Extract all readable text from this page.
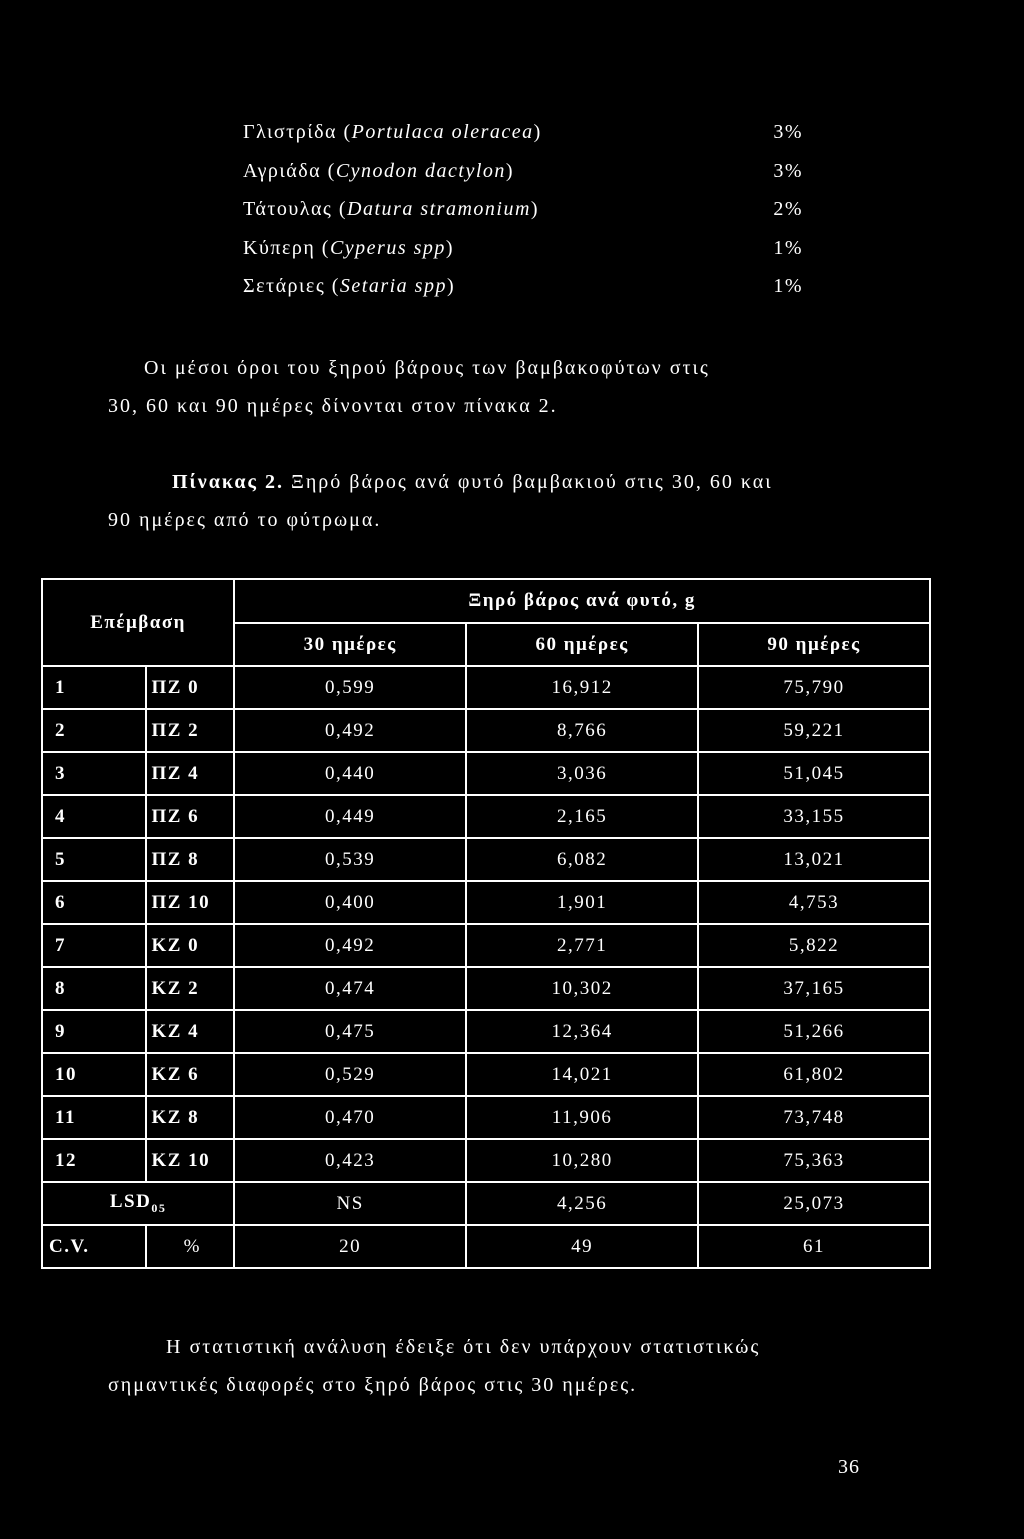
Γλιστρίδα (Portulaca oleracea)	3%
Αγριάδα (Cynodon dactylon)	3%
Τάτουλας (Datura stramonium)	2%
Κύπερη (Cyperus spp)	1%
Σετάριες (Setaria spp)	1%
Οι μέσοι όροι του ξηρού βάρους των βαμβακοφύτων στις
30, 60 και 90 ημέρες δίνονται στον πίνακα 2.
Πίνακας 2. Ξηρό βάρος ανά φυτό βαμβακιού στις 30, 60 και
90 ημέρες από το φύτρωμα.
Επέμβαση		Ξηρό βάρος ανά φυτό, g		
		30 ημέρες	60 ημέρες	90 ημέρες
1	ΠΖ 0	0,599	16,912	75,790
2	ΠΖ 2	0,492	8,766	59,221
3	ΠΖ 4	0,440	3,036	51,045
4	ΠΖ 6	0,449	2,165	33,155
5	ΠΖ 8	0,539	6,082	13,021
6	ΠΖ 10	0,400	1,901	4,753
7	ΚΖ 0	0,492	2,771	5,822
8	ΚΖ 2	0,474	10,302	37,165
9	ΚΖ 4	0,475	12,364	51,266
10	ΚΖ 6	0,529	14,021	61,802
11	ΚΖ 8	0,470	11,906	73,748
12	ΚΖ 10	0,423	10,280	75,363
$LSD_{05}$		NS	4,256	25,073
C.V.	%	20	49	61
Η στατιστική ανάλυση έδειξε ότι δεν υπάρχουν στατιστικώς
σημαντικές διαφορές στο ξηρό βάρος στις 30 ημέρες.
36
